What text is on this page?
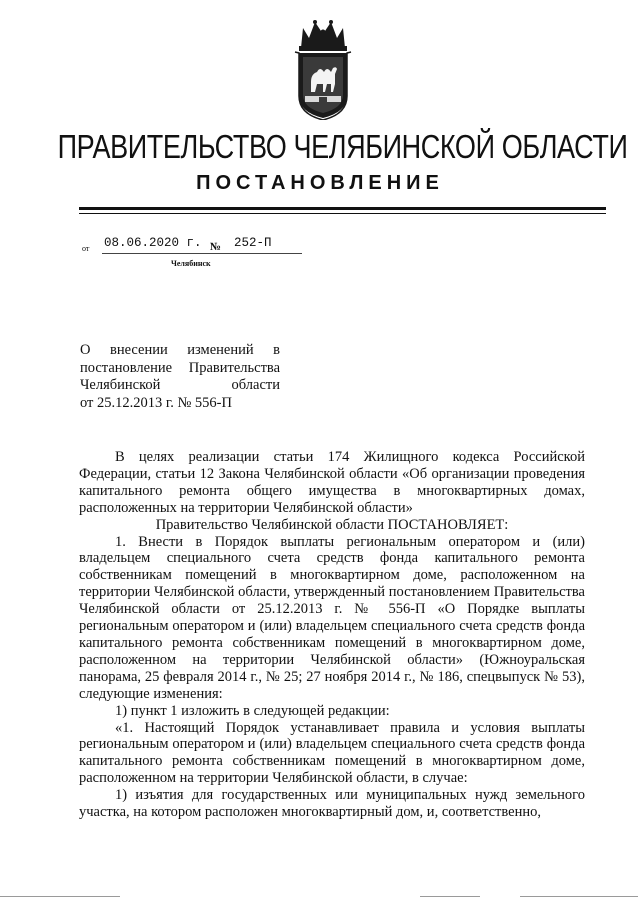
ПРАВИТЕЛЬСТВО ЧЕЛЯБИНСКОЙ ОБЛАСТИ
ПОСТАНОВЛЕНИЕ
от 08.06.2020 г. № 252-П
Челябинск
О внесении изменений в
постановление Правительства
Челябинской области
от 25.12.2013 г. № 556-П

В целях реализации статьи 174 Жилищного кодекса Российской Федерации, статьи 12 Закона Челябинской области «Об организации проведения капитального ремонта общего имущества в многоквартирных домах, расположенных на территории Челябинской области»

Правительство Челябинской области ПОСТАНОВЛЯЕТ:

1. Внести в Порядок выплаты региональным оператором и (или) владельцем специального счета средств фонда капитального ремонта собственникам помещений в многоквартирном доме, расположенном на территории Челябинской области, утвержденный постановлением Правительства Челябинской области от 25.12.2013 г. № 556-П «О Порядке выплаты региональным оператором и (или) владельцем специального счета средств фонда капитального ремонта собственникам помещений в многоквартирном доме, расположенном на территории Челябинской области» (Южноуральская панорама, 25 февраля 2014 г., № 25; 27 ноября 2014 г., № 186, спецвыпуск № 53), следующие изменения:

1) пункт 1 изложить в следующей редакции:

«1. Настоящий Порядок устанавливает правила и условия выплаты региональным оператором и (или) владельцем специального счета средств фонда капитального ремонта собственникам помещений в многоквартирном доме, расположенном на территории Челябинской области, в случае:

1) изъятия для государственных или муниципальных нужд земельного участка, на котором расположен многоквартирный дом, и, соответственно,
